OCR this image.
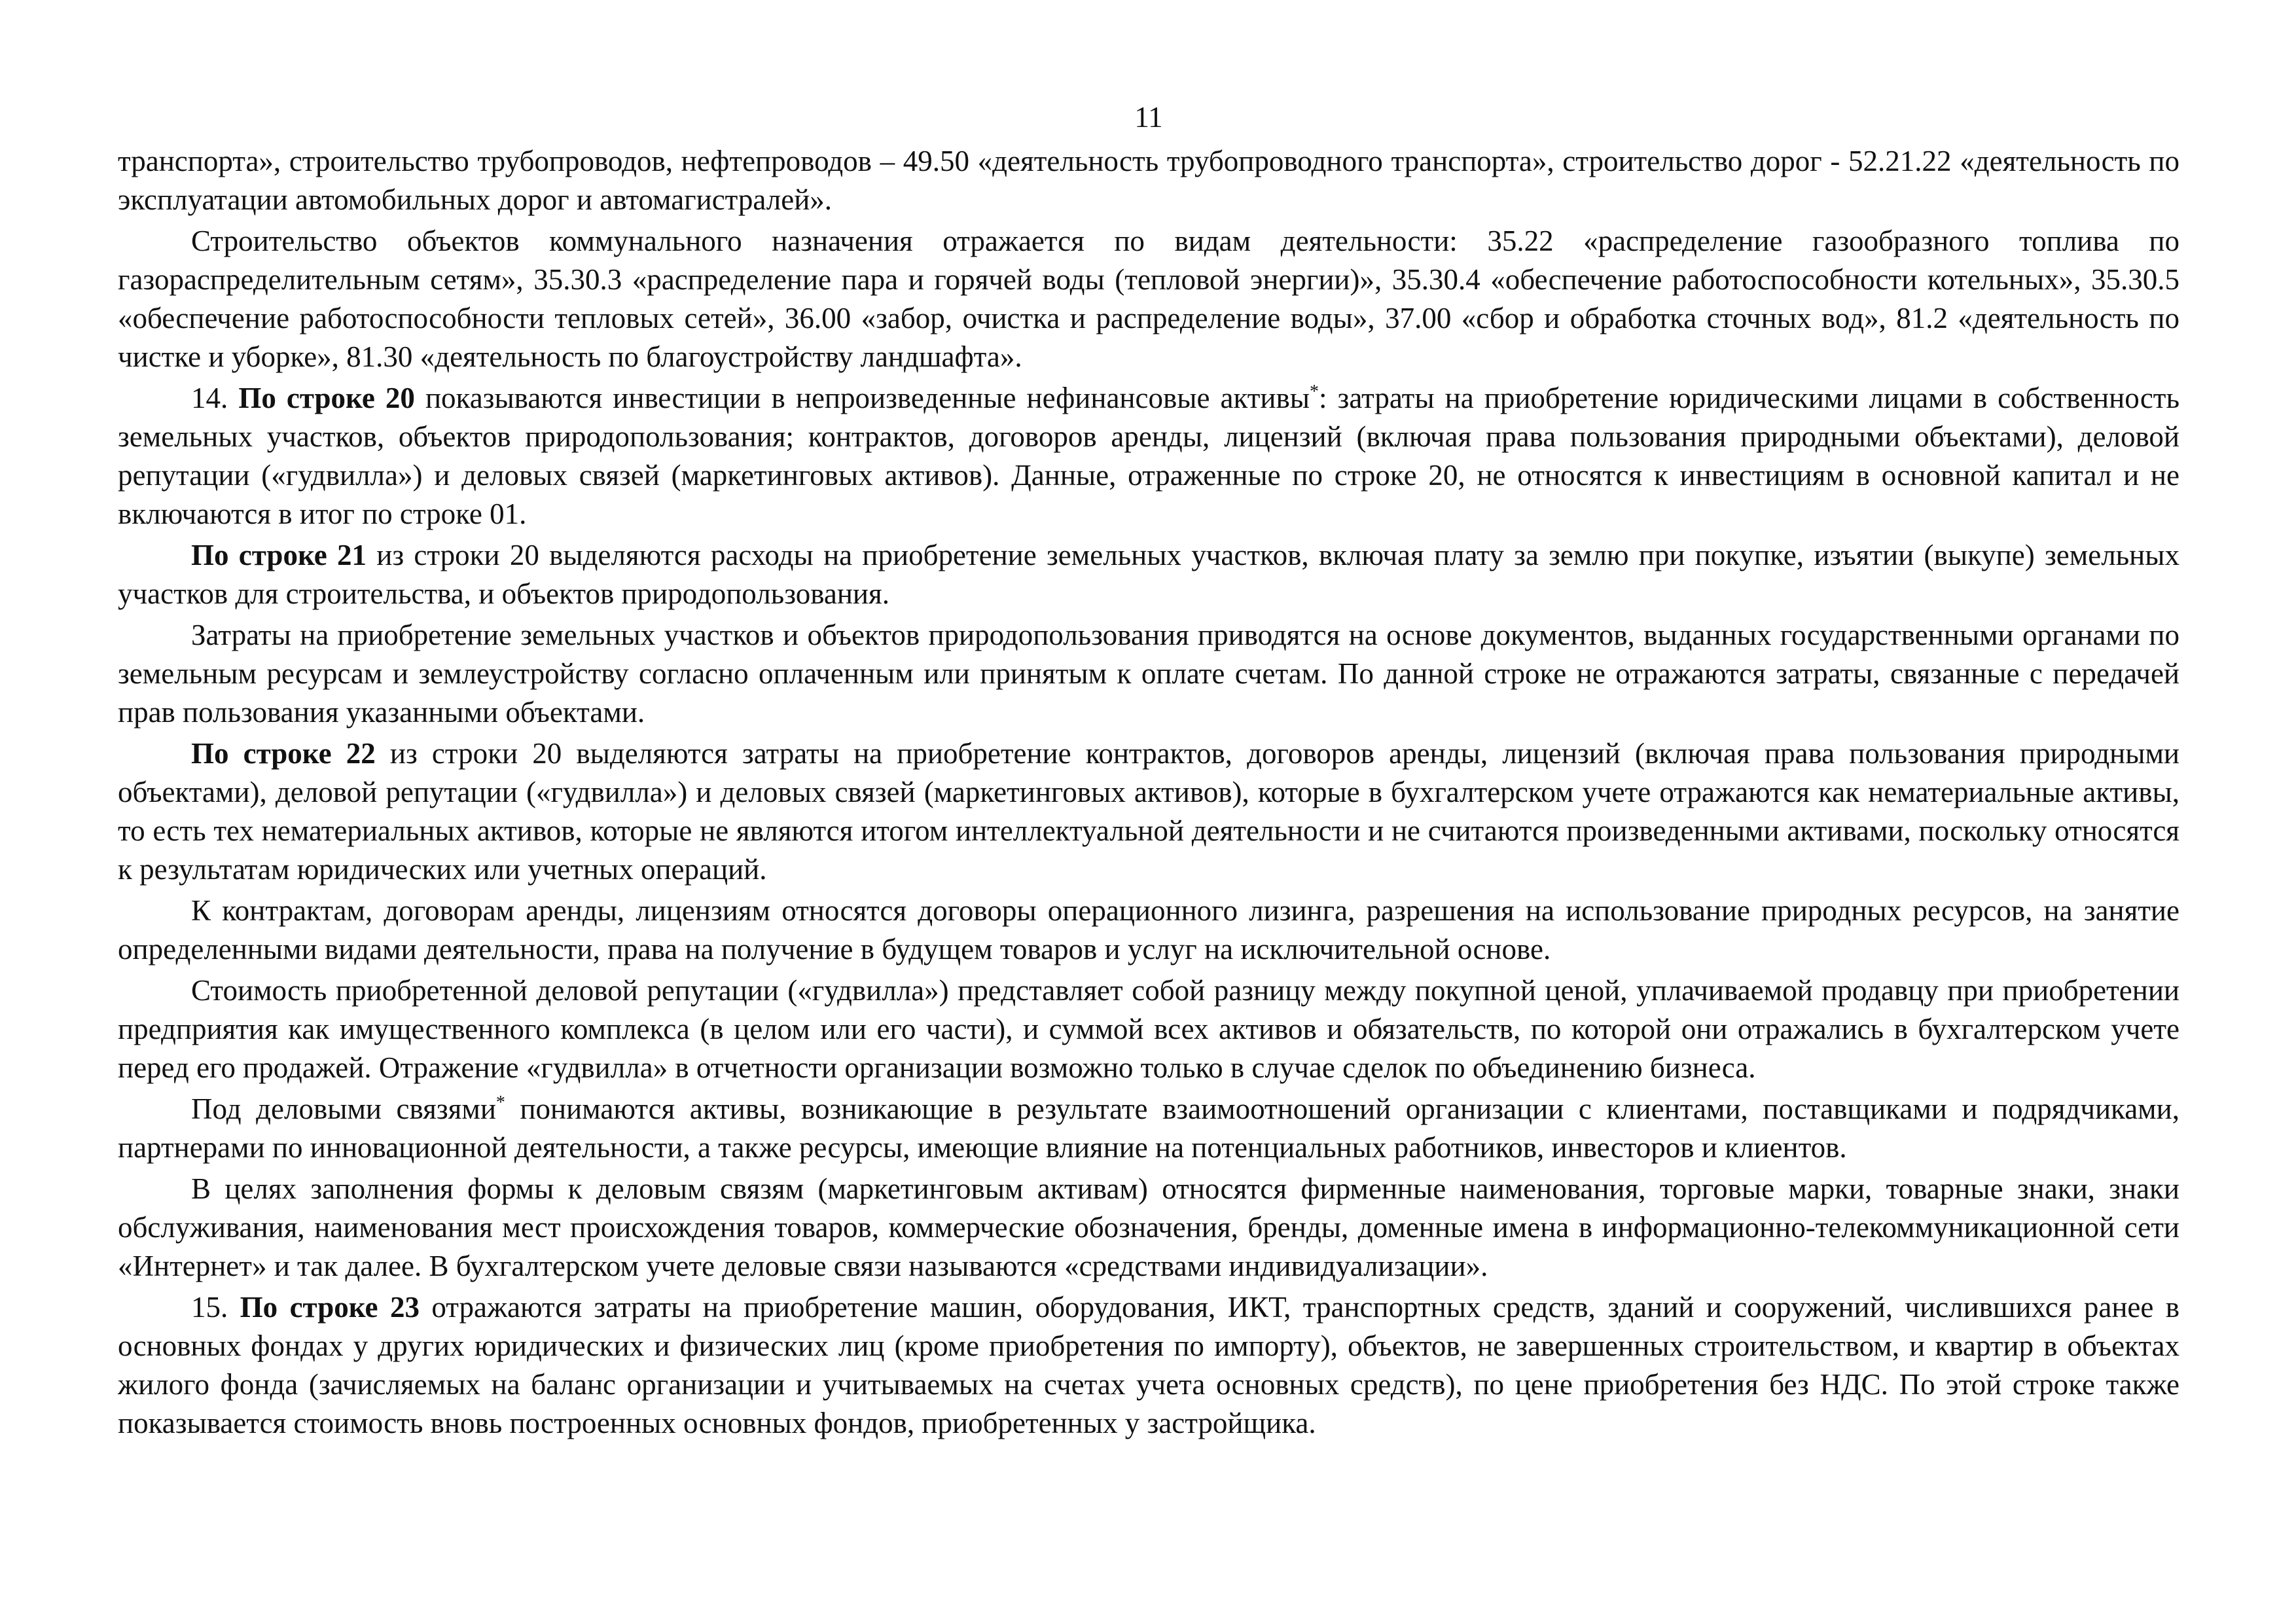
11

транспорта», строительство трубопроводов, нефтепроводов – 49.50 «деятельность трубопроводного транспорта», строительство дорог - 52.21.22 «деятельность по эксплуатации автомобильных дорог и автомагистралей».

Строительство объектов коммунального назначения отражается по видам деятельности: 35.22 «распределение газообразного топлива по газораспределительным сетям», 35.30.3 «распределение пара и горячей воды (тепловой энергии)», 35.30.4 «обеспечение работоспособности котельных», 35.30.5 «обеспечение работоспособности тепловых сетей», 36.00 «забор, очистка и распределение воды», 37.00 «сбор и обработка сточных вод», 81.2 «деятельность по чистке и уборке», 81.30 «деятельность по благоустройству ландшафта».

14. По строке 20 показываются инвестиции в непроизведенные нефинансовые активы*: затраты на приобретение юридическими лицами в собственность земельных участков, объектов природопользования; контрактов, договоров аренды, лицензий (включая права пользования природными объектами), деловой репутации («гудвилла») и деловых связей (маркетинговых активов). Данные, отраженные по строке 20, не относятся к инвестициям в основной капитал и не включаются в итог по строке 01.

По строке 21 из строки 20 выделяются расходы на приобретение земельных участков, включая плату за землю при покупке, изъятии (выкупе) земельных участков для строительства, и объектов природопользования.

Затраты на приобретение земельных участков и объектов природопользования приводятся на основе документов, выданных государственными органами по земельным ресурсам и землеустройству согласно оплаченным или принятым к оплате счетам. По данной строке не отражаются затраты, связанные с передачей прав пользования указанными объектами.

По строке 22 из строки 20 выделяются затраты на приобретение контрактов, договоров аренды, лицензий (включая права пользования природными объектами), деловой репутации («гудвилла») и деловых связей (маркетинговых активов), которые в бухгалтерском учете отражаются как нематериальные активы, то есть тех нематериальных активов, которые не являются итогом интеллектуальной деятельности и не считаются произведенными активами, поскольку относятся к результатам юридических или учетных операций.

К контрактам, договорам аренды, лицензиям относятся договоры операционного лизинга, разрешения на использование природных ресурсов, на занятие определенными видами деятельности, права на получение в будущем товаров и услуг на исключительной основе.

Стоимость приобретенной деловой репутации («гудвилла») представляет собой разницу между покупной ценой, уплачиваемой продавцу при приобретении предприятия как имущественного комплекса (в целом или его части), и суммой всех активов и обязательств, по которой они отражались в бухгалтерском учете перед его продажей. Отражение «гудвилла» в отчетности организации возможно только в случае сделок по объединению бизнеса.

Под деловыми связями* понимаются активы, возникающие в результате взаимоотношений организации с клиентами, поставщиками и подрядчиками, партнерами по инновационной деятельности, а также ресурсы, имеющие влияние на потенциальных работников, инвесторов и клиентов.

В целях заполнения формы к деловым связям (маркетинговым активам) относятся фирменные наименования, торговые марки, товарные знаки, знаки обслуживания, наименования мест происхождения товаров, коммерческие обозначения, бренды, доменные имена в информационно-телекоммуникационной сети «Интернет» и так далее. В бухгалтерском учете деловые связи называются «средствами индивидуализации».

15. По строке 23 отражаются затраты на приобретение машин, оборудования, ИКТ, транспортных средств, зданий и сооружений, числившихся ранее в основных фондах у других юридических и физических лиц (кроме приобретения по импорту), объектов, не завершенных строительством, и квартир в объектах жилого фонда (зачисляемых на баланс организации и учитываемых на счетах учета основных средств), по цене приобретения без НДС. По этой строке также показывается стоимость вновь построенных основных фондов, приобретенных у застройщика.
